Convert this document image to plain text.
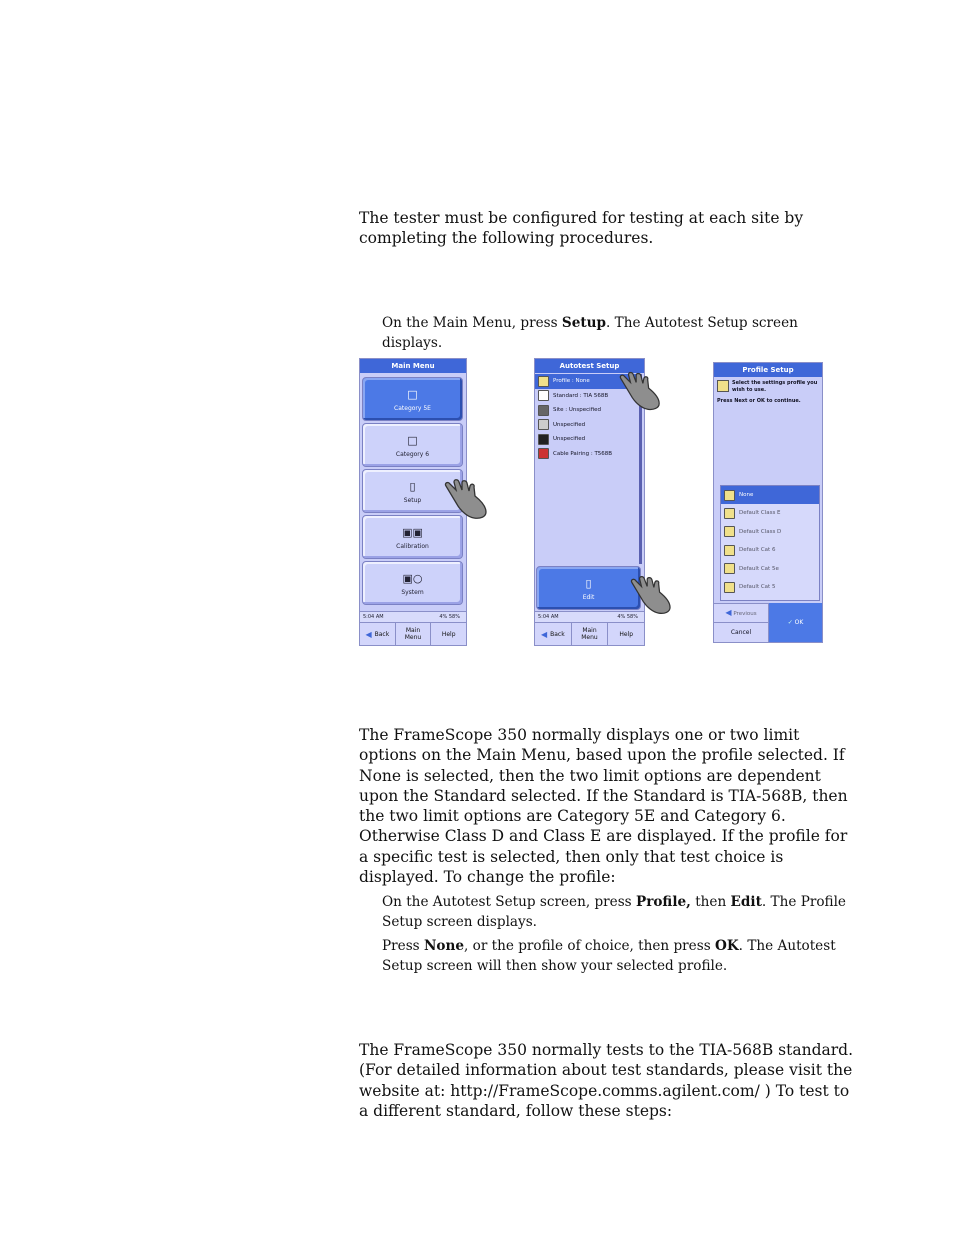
The tester must be configured for testing at each site by completing the following procedures.

On the Main Menu, press Setup. The Autotest Setup screen displays.

Main Menu
□
Category 5E
□
Category 6
▯
Setup
▣▣
Calibration
▣○
System
5:04 AM	4% 58%
◀ Back	Main Menu	Help
Autotest Setup
Profile : None
Standard : TIA 568B
Site : Unspecified
Unspecified
Unspecified
Cable Pairing : T568B
▯
Edit
5:04 AM	4% 58%
◀ Back	Main Menu	Help
Profile Setup
Select the settings profile you wish to use.
Press Next or OK to continue.
None
Default Class E
Default Class D
Default Cat 6
Default Cat 5e
Default Cat 5
◀ Previous
Cancel
✓ OK

The FrameScope 350 normally displays one or two limit options on the Main Menu, based upon the profile selected. If None is selected, then the two limit options are dependent upon the Standard selected. If the Standard is TIA-568B, then the two limit options are Category 5E and Category 6. Otherwise Class D and Class E are displayed. If the profile for a specific test is selected, then only that test choice is displayed. To change the profile:

On the Autotest Setup screen, press Profile, then Edit. The Profile Setup screen displays.

Press None, or the profile of choice, then press OK. The Autotest Setup screen will then show your selected profile.

The FrameScope 350 normally tests to the TIA-568B standard. (For detailed information about test standards, please visit the website at: http://FrameScope.comms.agilent.com/ ) To test to a different standard, follow these steps:
